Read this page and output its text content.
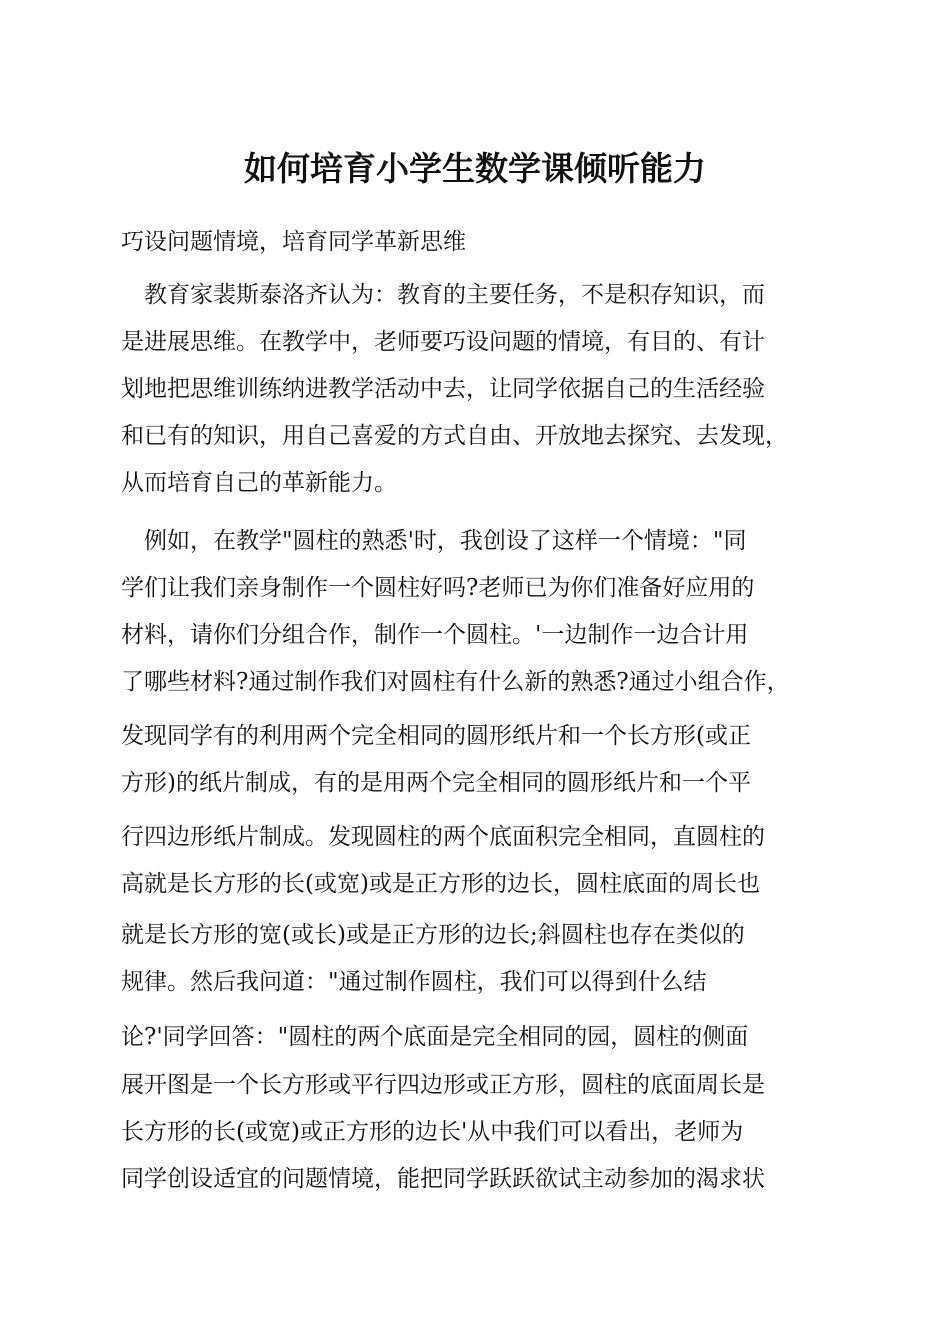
如何培育小学生数学课倾听能力
巧设问题情境，培育同学革新思维
　教育家裴斯泰洛齐认为：教育的主要任务，不是积存知识，而
是进展思维。在教学中，老师要巧设问题的情境，有目的、有计
划地把思维训练纳进教学活动中去，让同学依据自己的生活经验
和已有的知识，用自己喜爱的方式自由、开放地去探究、去发现，
从而培育自己的革新能力。
　例如，在教学"圆柱的熟悉'时，我创设了这样一个情境："同
学们让我们亲身制作一个圆柱好吗?老师已为你们准备好应用的
材料，请你们分组合作，制作一个圆柱。'一边制作一边合计用
了哪些材料?通过制作我们对圆柱有什么新的熟悉?通过小组合作，
发现同学有的利用两个完全相同的圆形纸片和一个长方形(或正
方形)的纸片制成，有的是用两个完全相同的圆形纸片和一个平
行四边形纸片制成。发现圆柱的两个底面积完全相同，直圆柱的
高就是长方形的长(或宽)或是正方形的边长，圆柱底面的周长也
就是长方形的宽(或长)或是正方形的边长;斜圆柱也存在类似的
规律。然后我问道："通过制作圆柱，我们可以得到什么结
论?'同学回答："圆柱的两个底面是完全相同的园，圆柱的侧面
展开图是一个长方形或平行四边形或正方形，圆柱的底面周长是
长方形的长(或宽)或正方形的边长'从中我们可以看出，老师为
同学创设适宜的问题情境，能把同学跃跃欲试主动参加的渴求状
